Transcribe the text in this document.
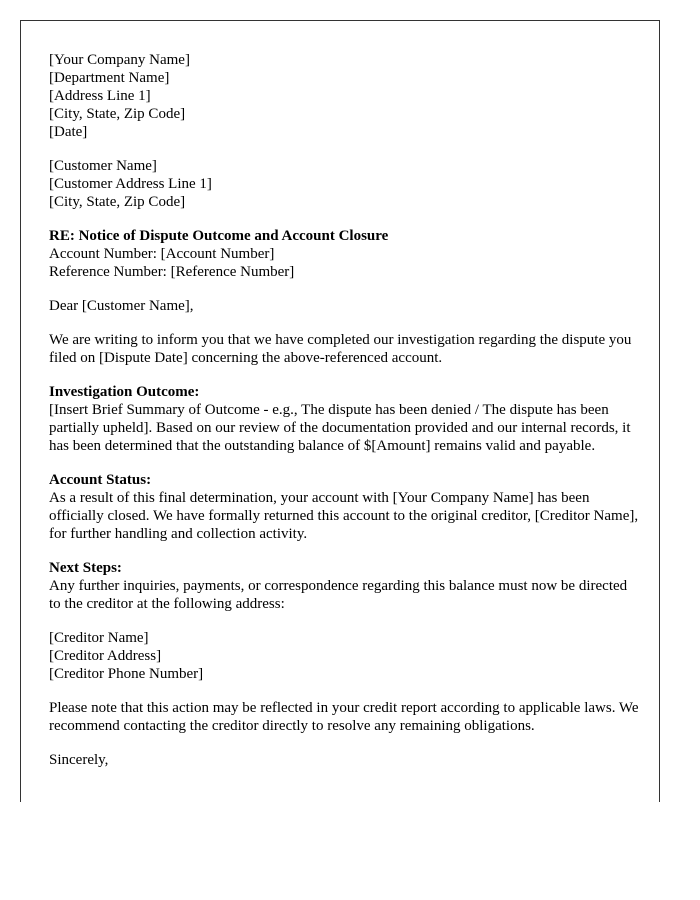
[Your Company Name]
[Department Name]
[Address Line 1]
[City, State, Zip Code]
[Date]
[Customer Name]
[Customer Address Line 1]
[City, State, Zip Code]
RE: Notice of Dispute Outcome and Account Closure
Account Number: [Account Number]
Reference Number: [Reference Number]

Dear [Customer Name],

We are writing to inform you that we have completed our investigation regarding the dispute you filed on [Dispute Date] concerning the above-referenced account.

Investigation Outcome:
[Insert Brief Summary of Outcome - e.g., The dispute has been denied / The dispute has been partially upheld]. Based on our review of the documentation provided and our internal records, it has been determined that the outstanding balance of $[Amount] remains valid and payable.
Account Status:
As a result of this final determination, your account with [Your Company Name] has been officially closed. We have formally returned this account to the original creditor, [Creditor Name], for further handling and collection activity.
Next Steps:
Any further inquiries, payments, or correspondence regarding this balance must now be directed to the creditor at the following address:
[Creditor Name]
[Creditor Address]
[Creditor Phone Number]

Please note that this action may be reflected in your credit report according to applicable laws. We recommend contacting the creditor directly to resolve any remaining obligations.

Sincerely,
